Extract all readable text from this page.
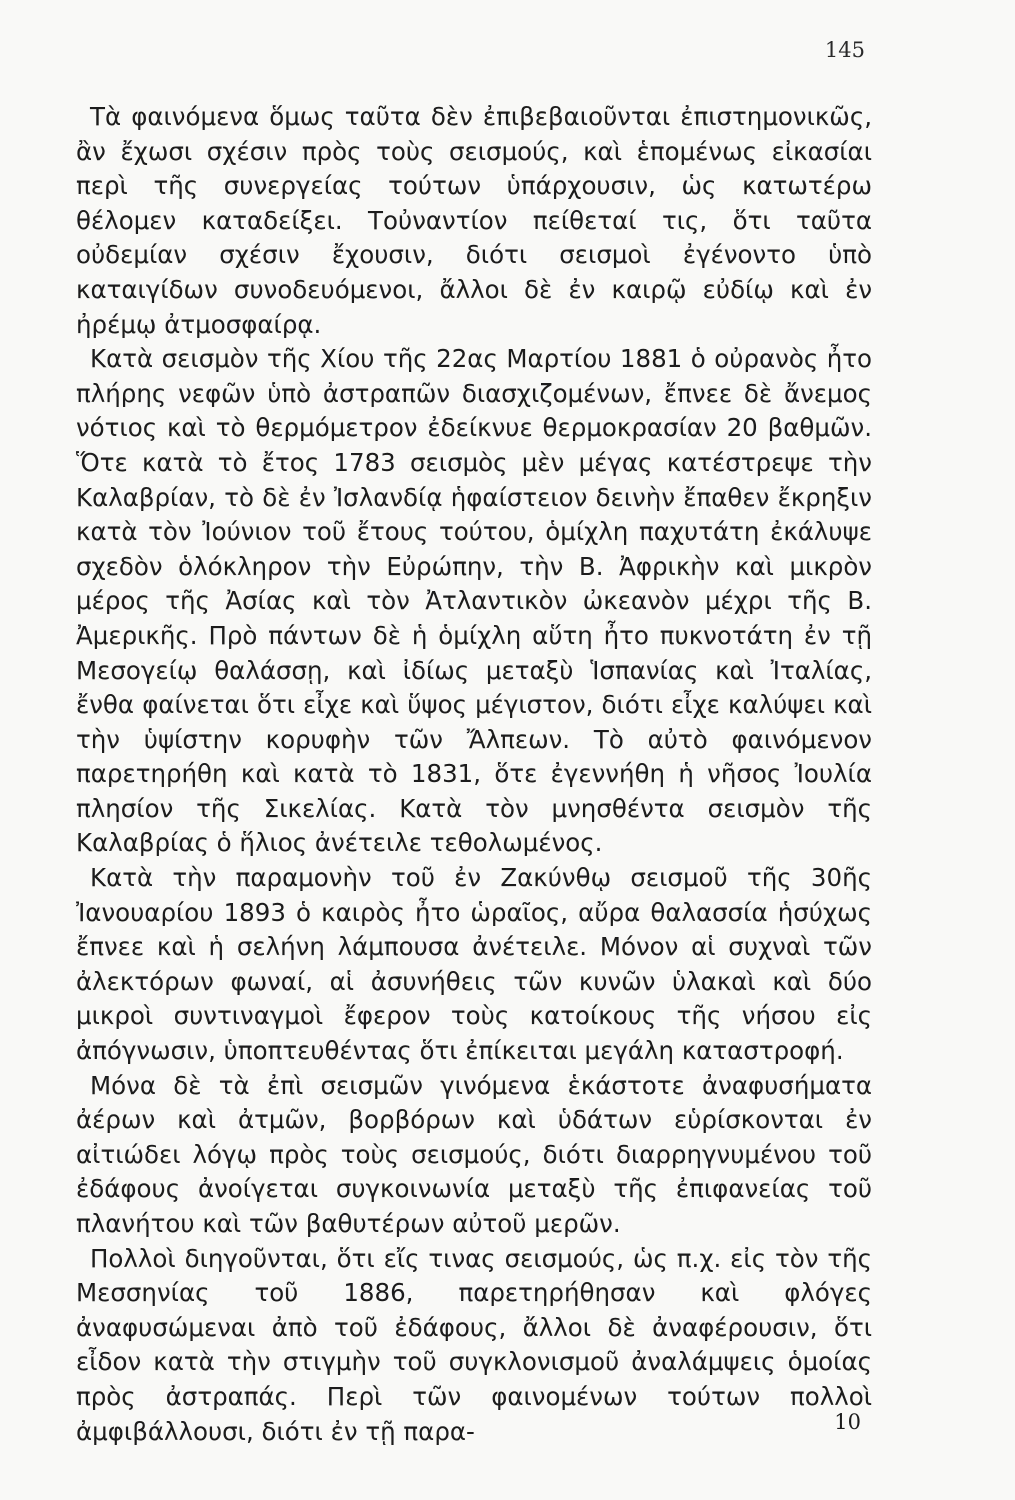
145

Τὰ φαινόμενα ὅμως ταῦτα δὲν ἐπιβεβαιοῦνται ἐπιστημονικῶς, ἂν ἔχωσι σχέσιν πρὸς τοὺς σεισμούς, καὶ ἑπομένως εἰκασίαι περὶ τῆς συνεργείας τούτων ὑπάρχουσιν, ὡς κατωτέρω θέλομεν καταδείξει. Τοὐναντίον πείθεταί τις, ὅτι ταῦτα οὐδεμίαν σχέσιν ἔχουσιν, διότι σεισμοὶ ἐγένοντο ὑπὸ καταιγίδων συνοδευόμενοι, ἄλλοι δὲ ἐν καιρῷ εὐδίῳ καὶ ἐν ἠρέμῳ ἀτμοσφαίρᾳ.

Κατὰ σεισμὸν τῆς Χίου τῆς 22ας Μαρτίου 1881 ὁ οὐρανὸς ἦτο πλήρης νεφῶν ὑπὸ ἀστραπῶν διασχιζομένων, ἔπνεε δὲ ἄνεμος νότιος καὶ τὸ θερμόμετρον ἐδείκνυε θερμοκρασίαν 20 βαθμῶν. Ὅτε κατὰ τὸ ἔτος 1783 σεισμὸς μὲν μέγας κατέστρεψε τὴν Καλαβρίαν, τὸ δὲ ἐν Ἰσλανδίᾳ ἡφαίστειον δεινὴν ἔπαθεν ἔκρηξιν κατὰ τὸν Ἰούνιον τοῦ ἔτους τούτου, ὁμίχλη παχυτάτη ἐκάλυψε σχεδὸν ὁλόκληρον τὴν Εὐρώπην, τὴν Β. Ἀφρικὴν καὶ μικρὸν μέρος τῆς Ἀσίας καὶ τὸν Ἀτλαντικὸν ὠκεανὸν μέχρι τῆς Β. Ἀμερικῆς. Πρὸ πάντων δὲ ἡ ὁμίχλη αὕτη ἦτο πυκνοτάτη ἐν τῇ Μεσογείῳ θαλάσσῃ, καὶ ἰδίως μεταξὺ Ἱσπανίας καὶ Ἰταλίας, ἔνθα φαίνεται ὅτι εἶχε καὶ ὕψος μέγιστον, διότι εἶχε καλύψει καὶ τὴν ὑψίστην κορυφὴν τῶν Ἄλπεων. Τὸ αὐτὸ φαινόμενον παρετηρήθη καὶ κατὰ τὸ 1831, ὅτε ἐγεννήθη ἡ νῆσος Ἰουλία πλησίον τῆς Σικελίας. Κατὰ τὸν μνησθέντα σεισμὸν τῆς Καλαβρίας ὁ ἥλιος ἀνέτειλε τεθολωμένος.

Κατὰ τὴν παραμονὴν τοῦ ἐν Ζακύνθῳ σεισμοῦ τῆς 30ῆς Ἰανουαρίου 1893 ὁ καιρὸς ἦτο ὡραῖος, αὔρα θαλασσία ἡσύχως ἔπνεε καὶ ἡ σελήνη λάμπουσα ἀνέτειλε. Μόνον αἱ συχναὶ τῶν ἀλεκτόρων φωναί, αἱ ἀσυνήθεις τῶν κυνῶν ὑλακαὶ καὶ δύο μικροὶ συντιναγμοὶ ἔφερον τοὺς κατοίκους τῆς νήσου εἰς ἀπόγνωσιν, ὑποπτευθέντας ὅτι ἐπίκειται μεγάλη καταστροφή.

Μόνα δὲ τὰ ἐπὶ σεισμῶν γινόμενα ἑκάστοτε ἀναφυσήματα ἀέρων καὶ ἀτμῶν, βορβόρων καὶ ὑδάτων εὑρίσκονται ἐν αἰτιώδει λόγῳ πρὸς τοὺς σεισμούς, διότι διαρρηγνυμένου τοῦ ἐδάφους ἀνοίγεται συγκοινωνία μεταξὺ τῆς ἐπιφανείας τοῦ πλανήτου καὶ τῶν βαθυτέρων αὐτοῦ μερῶν.

Πολλοὶ διηγοῦνται, ὅτι εἴς τινας σεισμούς, ὡς π.χ. εἰς τὸν τῆς Μεσσηνίας τοῦ 1886, παρετηρήθησαν καὶ φλόγες ἀναφυσώμεναι ἀπὸ τοῦ ἐδάφους, ἄλλοι δὲ ἀναφέρουσιν, ὅτι εἶδον κατὰ τὴν στιγμὴν τοῦ συγκλονισμοῦ ἀναλάμψεις ὁμοίας πρὸς ἀστραπάς. Περὶ τῶν φαινομένων τούτων πολλοὶ ἀμφιβάλλουσι, διότι ἐν τῇ παρα-	10
